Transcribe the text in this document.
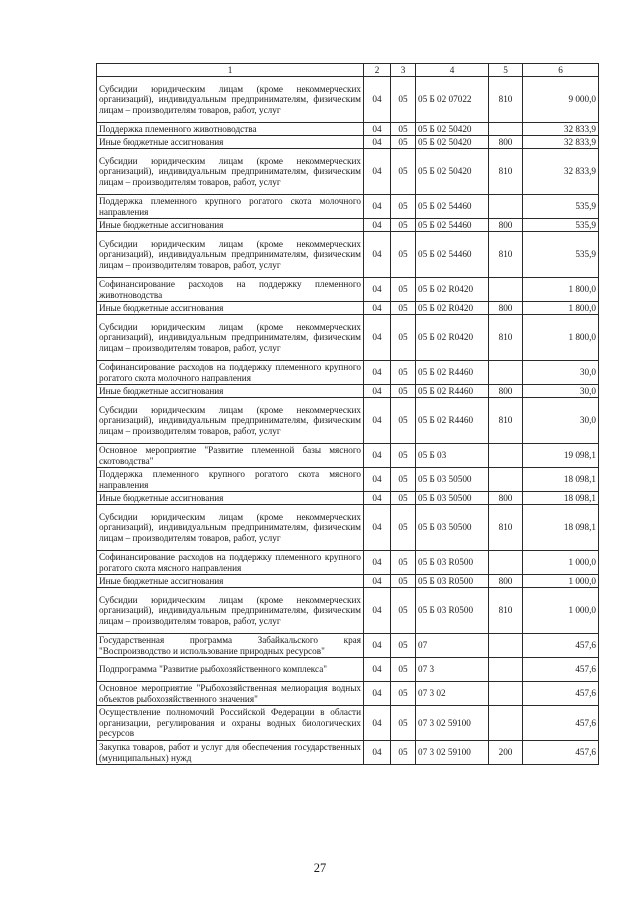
1	2	3	4	5	6
Субсидии юридическим лицам (кроме некоммерческих организаций), индивидуальным предпринимателям, физическим лицам – производителям товаров, работ, услуг	04	05	05 Б 02 07022	810	9 000,0
Поддержка племенного животноводства	04	05	05 Б 02 50420		32 833,9
Иные бюджетные ассигнования	04	05	05 Б 02 50420	800	32 833,9
Субсидии юридическим лицам (кроме некоммерческих организаций), индивидуальным предпринимателям, физическим лицам – производителям товаров, работ, услуг	04	05	05 Б 02 50420	810	32 833,9
Поддержка племенного крупного рогатого скота молочного направления	04	05	05 Б 02 54460		535,9
Иные бюджетные ассигнования	04	05	05 Б 02 54460	800	535,9
Субсидии юридическим лицам (кроме некоммерческих организаций), индивидуальным предпринимателям, физическим лицам – производителям товаров, работ, услуг	04	05	05 Б 02 54460	810	535,9
Софинансирование расходов на поддержку племенного животноводства	04	05	05 Б 02 R0420		1 800,0
Иные бюджетные ассигнования	04	05	05 Б 02 R0420	800	1 800,0
Субсидии юридическим лицам (кроме некоммерческих организаций), индивидуальным предпринимателям, физическим лицам – производителям товаров, работ, услуг	04	05	05 Б 02 R0420	810	1 800,0
Софинансирование расходов на поддержку племенного крупного рогатого скота молочного направления	04	05	05 Б 02 R4460		30,0
Иные бюджетные ассигнования	04	05	05 Б 02 R4460	800	30,0
Субсидии юридическим лицам (кроме некоммерческих организаций), индивидуальным предпринимателям, физическим лицам – производителям товаров, работ, услуг	04	05	05 Б 02 R4460	810	30,0
Основное мероприятие "Развитие племенной базы мясного скотоводства"	04	05	05 Б 03		19 098,1
Поддержка племенного крупного рогатого скота мясного направления	04	05	05 Б 03 50500		18 098,1
Иные бюджетные ассигнования	04	05	05 Б 03 50500	800	18 098,1
Субсидии юридическим лицам (кроме некоммерческих организаций), индивидуальным предпринимателям, физическим лицам – производителям товаров, работ, услуг	04	05	05 Б 03 50500	810	18 098,1
Софинансирование расходов на поддержку племенного крупного рогатого скота мясного направления	04	05	05 Б 03 R0500		1 000,0
Иные бюджетные ассигнования	04	05	05 Б 03 R0500	800	1 000,0
Субсидии юридическим лицам (кроме некоммерческих организаций), индивидуальным предпринимателям, физическим лицам – производителям товаров, работ, услуг	04	05	05 Б 03 R0500	810	1 000,0
Государственная программа Забайкальского края "Воспроизводство и использование природных ресурсов"	04	05	07		457,6
Подпрограмма "Развитие рыбохозяйственного комплекса"	04	05	07 3		457,6
Основное мероприятие "Рыбохозяйственная мелиорация водных объектов рыбохозяйственного значения"	04	05	07 3 02		457,6
Осуществление полномочий Российской Федерации в области организации, регулирования и охраны водных биологических ресурсов	04	05	07 3 02 59100		457,6
Закупка товаров, работ и услуг для обеспечения государственных (муниципальных) нужд	04	05	07 3 02 59100	200	457,6
27
